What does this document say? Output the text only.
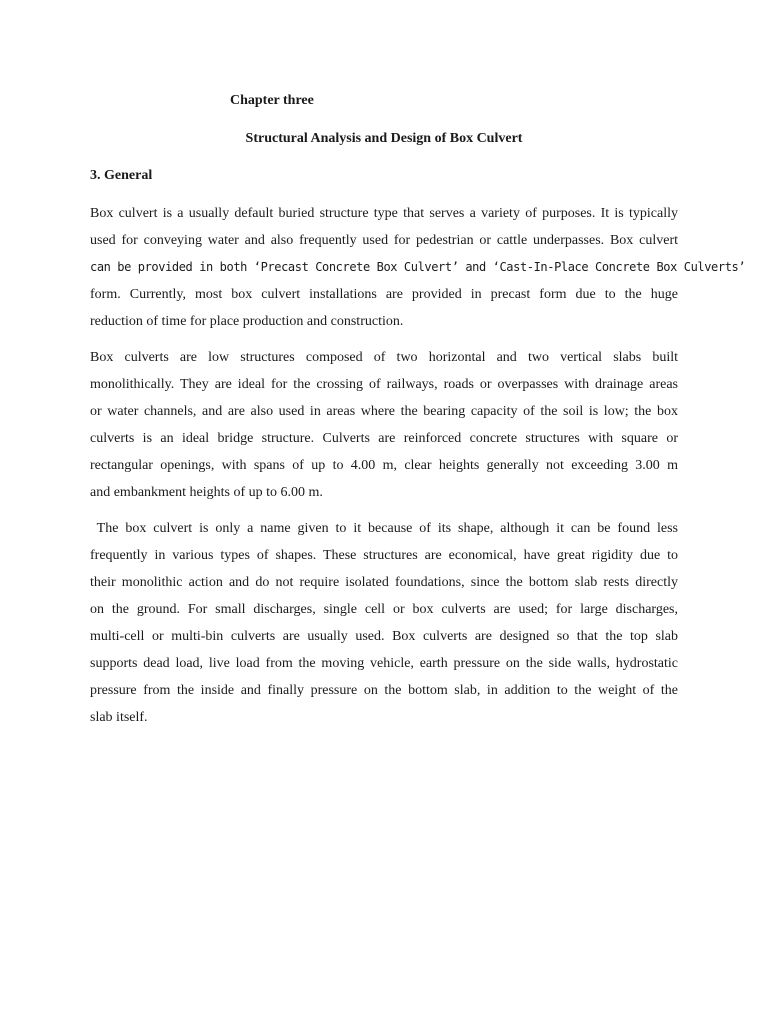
Chapter three

Structural Analysis and Design of Box Culvert

3. General

Box culvert is a usually default buried structure type that serves a variety of purposes. It is typically
used for conveying water and also frequently used for pedestrian or cattle underpasses. Box culvert
can be provided in both ‘Precast Concrete Box Culvert’ and ‘Cast-In-Place Concrete Box Culverts’
form. Currently, most box culvert installations are provided in precast form due to the huge
reduction of time for place production and construction.
Box culverts are low structures composed of two horizontal and two vertical slabs built
monolithically. They are ideal for the crossing of railways, roads or overpasses with drainage areas
or water channels, and are also used in areas where the bearing capacity of the soil is low; the box
culverts is an ideal bridge structure. Culverts are reinforced concrete structures with square or
rectangular openings, with spans of up to 4.00 m, clear heights generally not exceeding 3.00 m
and embankment heights of up to 6.00 m.
The box culvert is only a name given to it because of its shape, although it can be found less
frequently in various types of shapes. These structures are economical, have great rigidity due to
their monolithic action and do not require isolated foundations, since the bottom slab rests directly
on the ground. For small discharges, single cell or box culverts are used; for large discharges,
multi-cell or multi-bin culverts are usually used. Box culverts are designed so that the top slab
supports dead load, live load from the moving vehicle, earth pressure on the side walls, hydrostatic
pressure from the inside and finally pressure on the bottom slab, in addition to the weight of the
slab itself.
